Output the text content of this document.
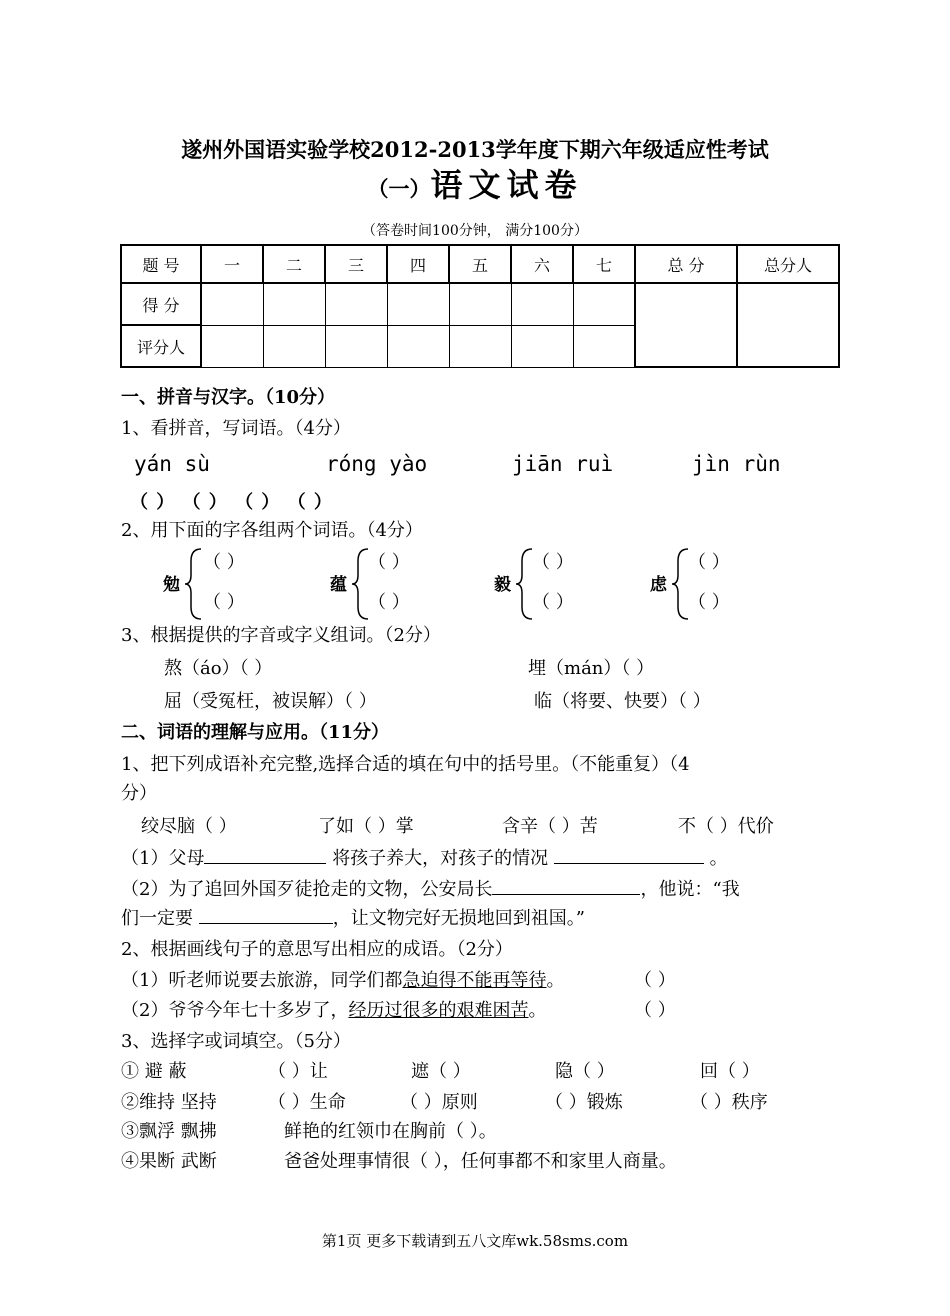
遂州外国语实验学校2012-2013学年度下期六年级适应性考试
（一）语文试卷
（答卷时间100分钟， 满分100分）
题 号	一	二	三	四	五	六	七	总 分	总分人
得 分									
评分人									
一、拼音与汉字。（10分）
1、看拼音，写词语。（4分）
yán sù	róng yào	jiān ruì	jìn rùn
（ ） （ ） （ ） （ ）
2、用下面的字各组两个词语。（4分）
勉
（ ）
（ ）
蕴
（ ）
（ ）
毅
（ ）
（ ）
虑
（ ）
（ ）
3、根据提供的字音或字义组词。（2分）
熬（áo）（ ）	埋（mán）（ ）
屈（受冤枉，被误解）（ ）	临（将要、快要）（ ）
二、词语的理解与应用。（11分）
1、把下列成语补充完整,选择合适的填在句中的括号里。（不能重复）（4
分）
绞尽脑（ ）	了如（ ）掌	含辛（ ）苦	不（ ）代价
（1）父母	将孩子养大，对孩子的情况	。
（2）为了追回外国歹徒抢走的文物，公安局长	，他说：“我
们一定要	，让文物完好无损地回到祖国。”
2、根据画线句子的意思写出相应的成语。（2分）
（1）听老师说要去旅游，同学们都急迫得不能再等待。	（ ）
（2）爷爷今年七十多岁了，经历过很多的艰难困苦。	（ ）
3、选择字或词填空。（5分）
① 避 蔽	（ ）让	遮（ ）	隐（ ）	回（ ）
②维持 坚持	（ ）生命	（ ）原则	（ ）锻炼	（ ）秩序
③飘浮 飘拂	鲜艳的红领巾在胸前（ ）。
④果断 武断	爸爸处理事情很（ ），任何事都不和家里人商量。
第1页 更多下载请到五八文库wk.58sms.com
